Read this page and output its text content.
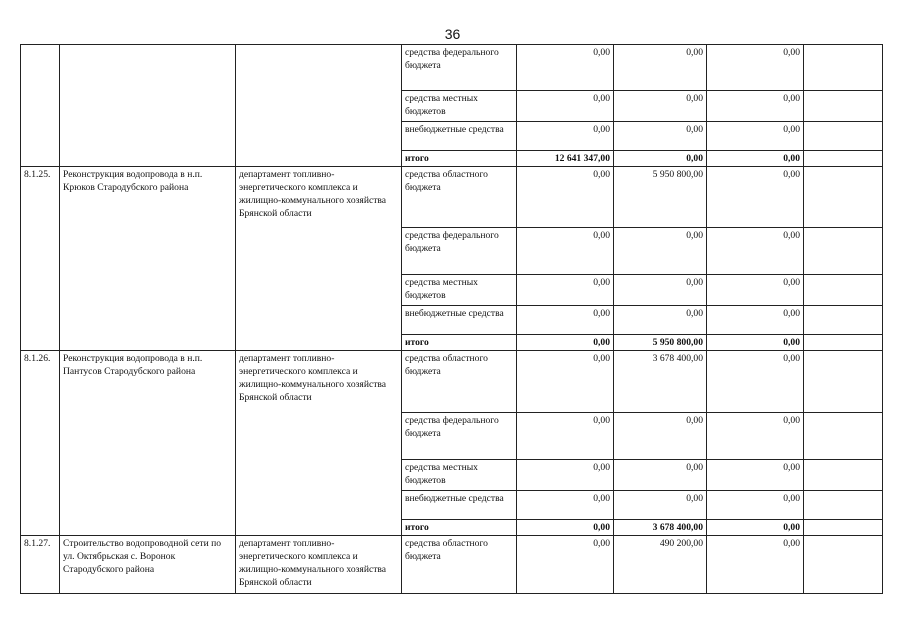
36
			средства федерального бюджета	0,00	0,00	0,00	
			средства местных бюджетов	0,00	0,00	0,00	
			внебюджетные средства	0,00	0,00	0,00	
			итого	12 641 347,00	0,00	0,00	
8.1.25.	Реконструкция водопровода в н.п. Крюков Стародубского района	департамент топливно-энергетического комплекса и жилищно-коммунального хозяйства Брянской области	средства областного бюджета	0,00	5 950 800,00	0,00	
			средства федерального бюджета	0,00	0,00	0,00	
			средства местных бюджетов	0,00	0,00	0,00	
			внебюджетные средства	0,00	0,00	0,00	
			итого	0,00	5 950 800,00	0,00	
8.1.26.	Реконструкция водопровода в н.п. Пантусов Стародубского района	департамент топливно-энергетического комплекса и жилищно-коммунального хозяйства Брянской области	средства областного бюджета	0,00	3 678 400,00	0,00	
			средства федерального бюджета	0,00	0,00	0,00	
			средства местных бюджетов	0,00	0,00	0,00	
			внебюджетные средства	0,00	0,00	0,00	
			итого	0,00	3 678 400,00	0,00	
8.1.27.	Строительство водопроводной сети по ул. Октябрьская с. Воронок Стародубского района	департамент топливно-энергетического комплекса и жилищно-коммунального хозяйства Брянской области	средства областного бюджета	0,00	490 200,00	0,00	
